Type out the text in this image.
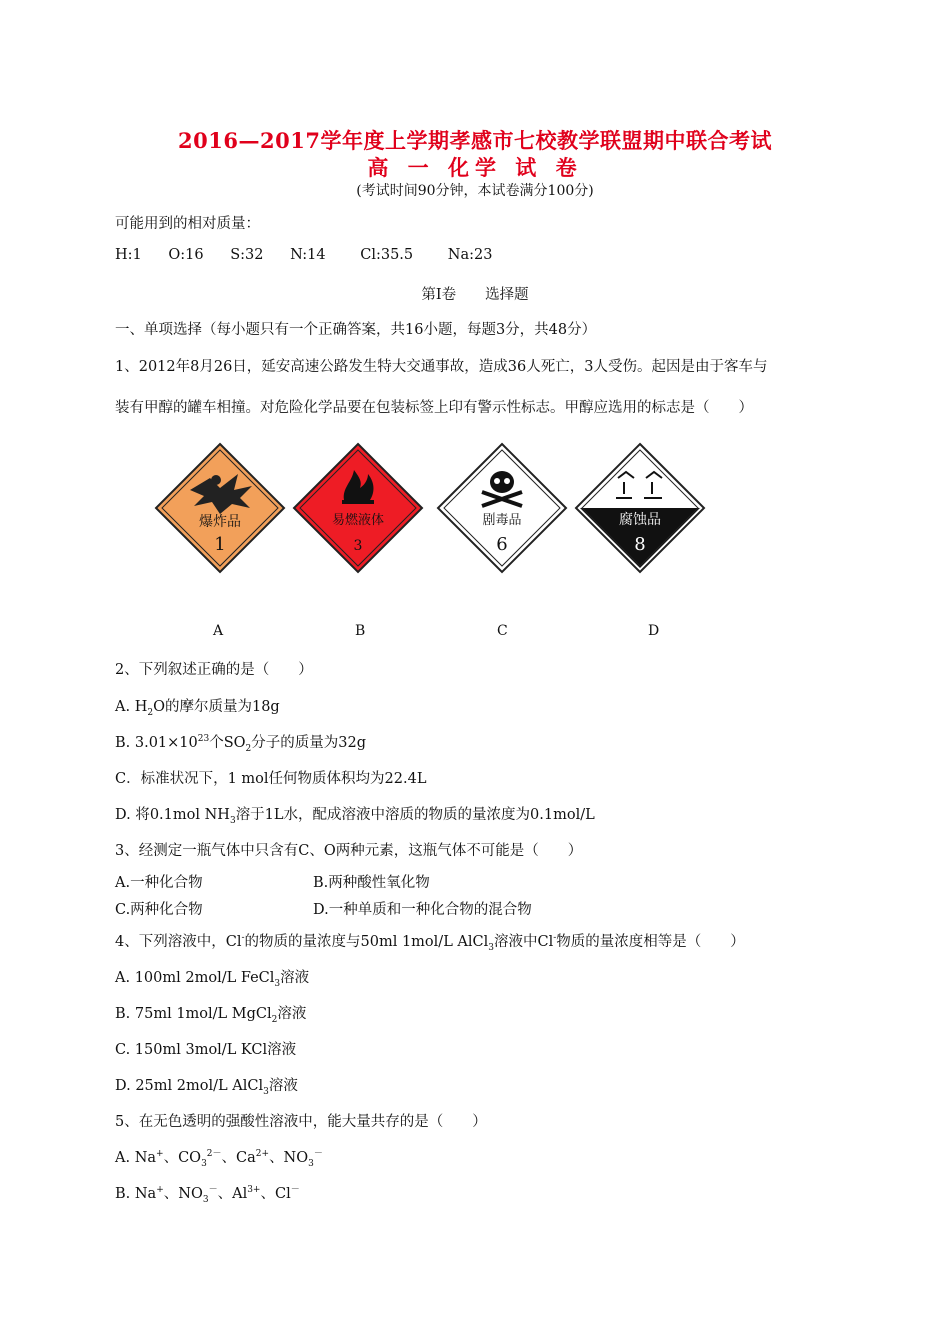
2016—2017学年度上学期孝感市七校教学联盟期中联合考试
高 一 化学 试 卷
(考试时间90分钟，本试卷满分100分)
可能用到的相对质量：
H:1 O:16 S:32 N:14 Cl:35.5 Na:23
第Ⅰ卷　　选择题
一、单项选择（每小题只有一个正确答案，共16小题，每题3分，共48分）
1、2012年8月26日，延安高速公路发生特大交通事故，造成36人死亡，3人受伤。起因是由于客车与
装有甲醇的罐车相撞。对危险化学品要在包装标签上印有警示性标志。甲醇应选用的标志是（　　）
爆炸品
1
易燃液体
3
剧毒品
6
腐蚀品
8
A	B	C	D
2、下列叙述正确的是（　　）
A. $H_2O$的摩尔质量为18g
B. $3.01\times 10^{23}$个$SO_2$分子的质量为32g
C．标准状况下，1 mol任何物质体积均为22.4L
D. 将0.1mol $NH_3$溶于1L水，配成溶液中溶质的物质的量浓度为0.1mol/L
3、经测定一瓶气体中只含有C、O两种元素，这瓶气体不可能是（　　）
A.一种化合物	B.两种酸性氧化物
C.两种化合物	D.一种单质和一种化合物的混合物
4、下列溶液中，Cl-的物质的量浓度与50ml 1mol/L AlCl$_3$溶液中Cl-物质的量浓度相等是（　　）
A. 100ml 2mol/L FeCl$_3$溶液
B. 75ml 1mol/L MgCl$_2$溶液
C. 150ml 3mol/L KCl溶液
D. 25ml 2mol/L AlCl$_3$溶液
5、在无色透明的强酸性溶液中，能大量共存的是（　　）
A. Na+、$CO_3^{2-}$、$Ca^{2+}$、$NO_3^-$
B. Na+、$NO_3^-$、$Al^{3+}$、Cl－
